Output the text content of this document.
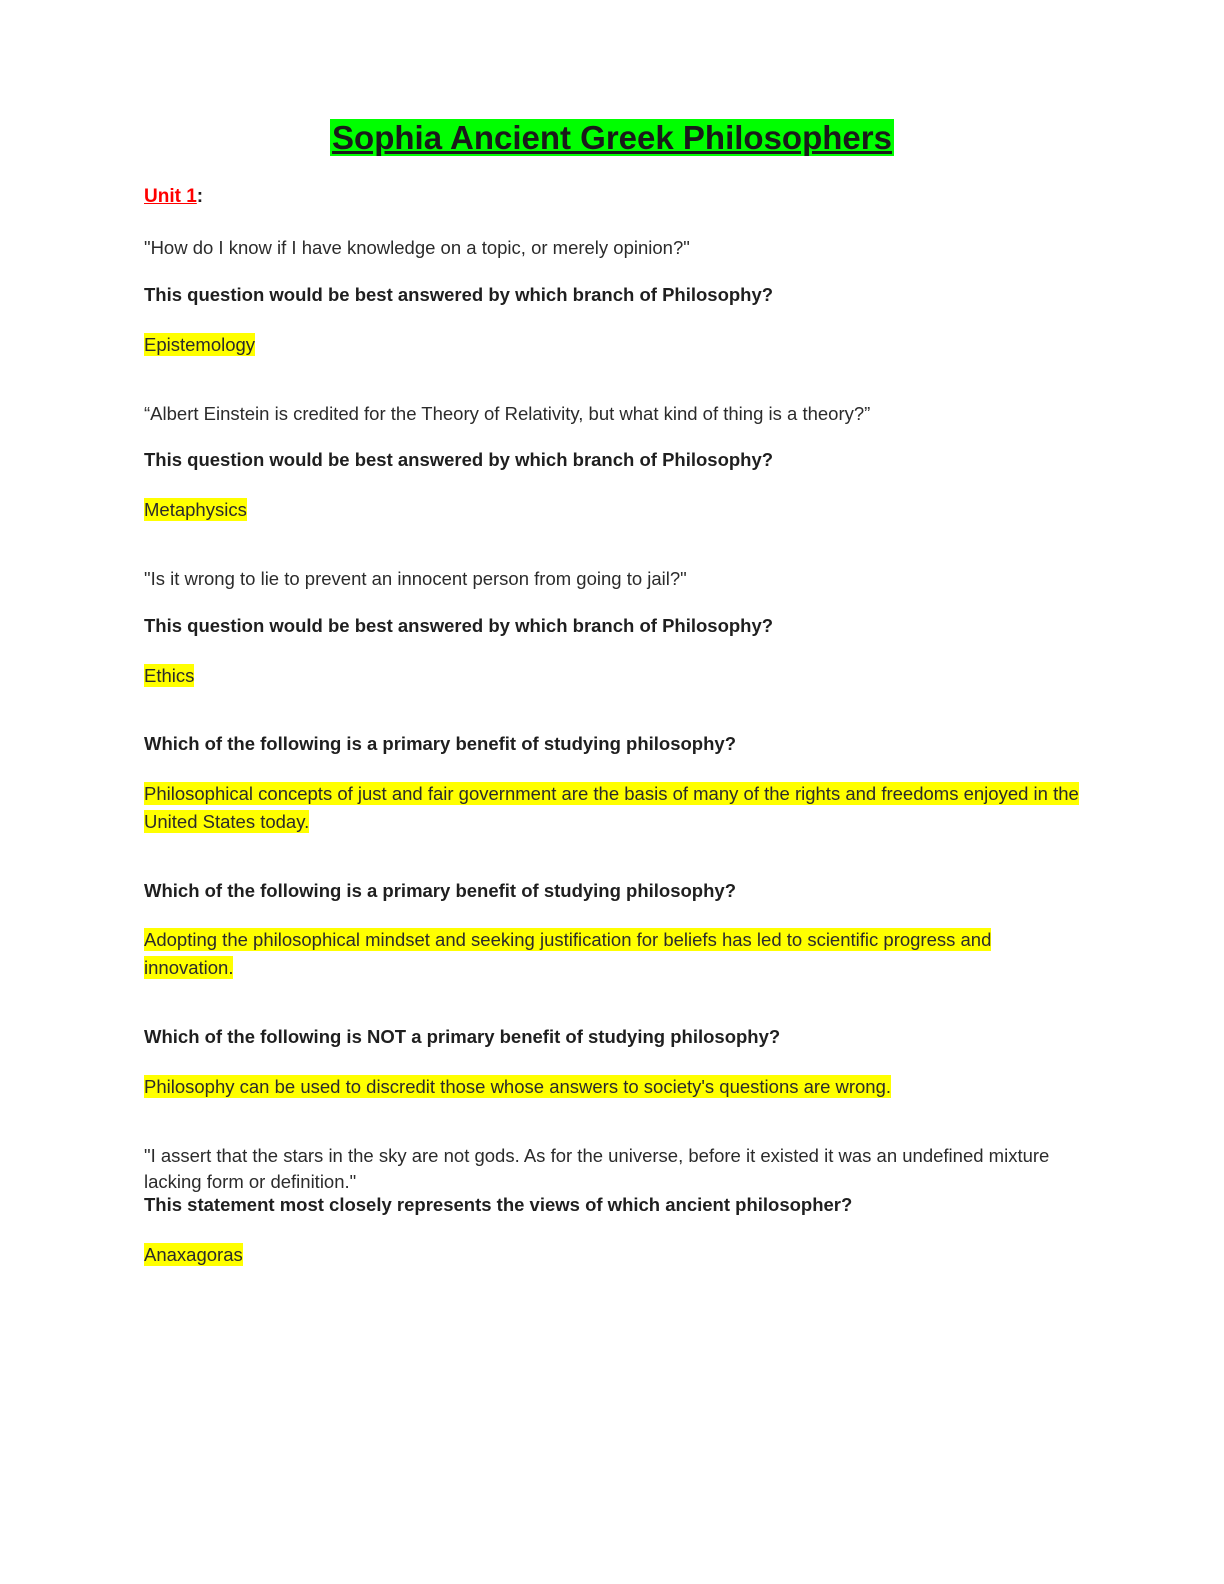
Sophia Ancient Greek Philosophers

Unit 1:

"How do I know if I have knowledge on a topic, or merely opinion?"

This question would be best answered by which branch of Philosophy?

Epistemology

“Albert Einstein is credited for the Theory of Relativity, but what kind of thing is a theory?”

This question would be best answered by which branch of Philosophy?

Metaphysics

"Is it wrong to lie to prevent an innocent person from going to jail?"

This question would be best answered by which branch of Philosophy?

Ethics

Which of the following is a primary benefit of studying philosophy?

Philosophical concepts of just and fair government are the basis of many of the rights and freedoms enjoyed in the United States today.

Which of the following is a primary benefit of studying philosophy?

Adopting the philosophical mindset and seeking justification for beliefs has led to scientific progress and innovation.

Which of the following is NOT a primary benefit of studying philosophy?

Philosophy can be used to discredit those whose answers to society's questions are wrong.

"I assert that the stars in the sky are not gods. As for the universe, before it existed it was an undefined mixture lacking form or definition."

This statement most closely represents the views of which ancient philosopher?

Anaxagoras
